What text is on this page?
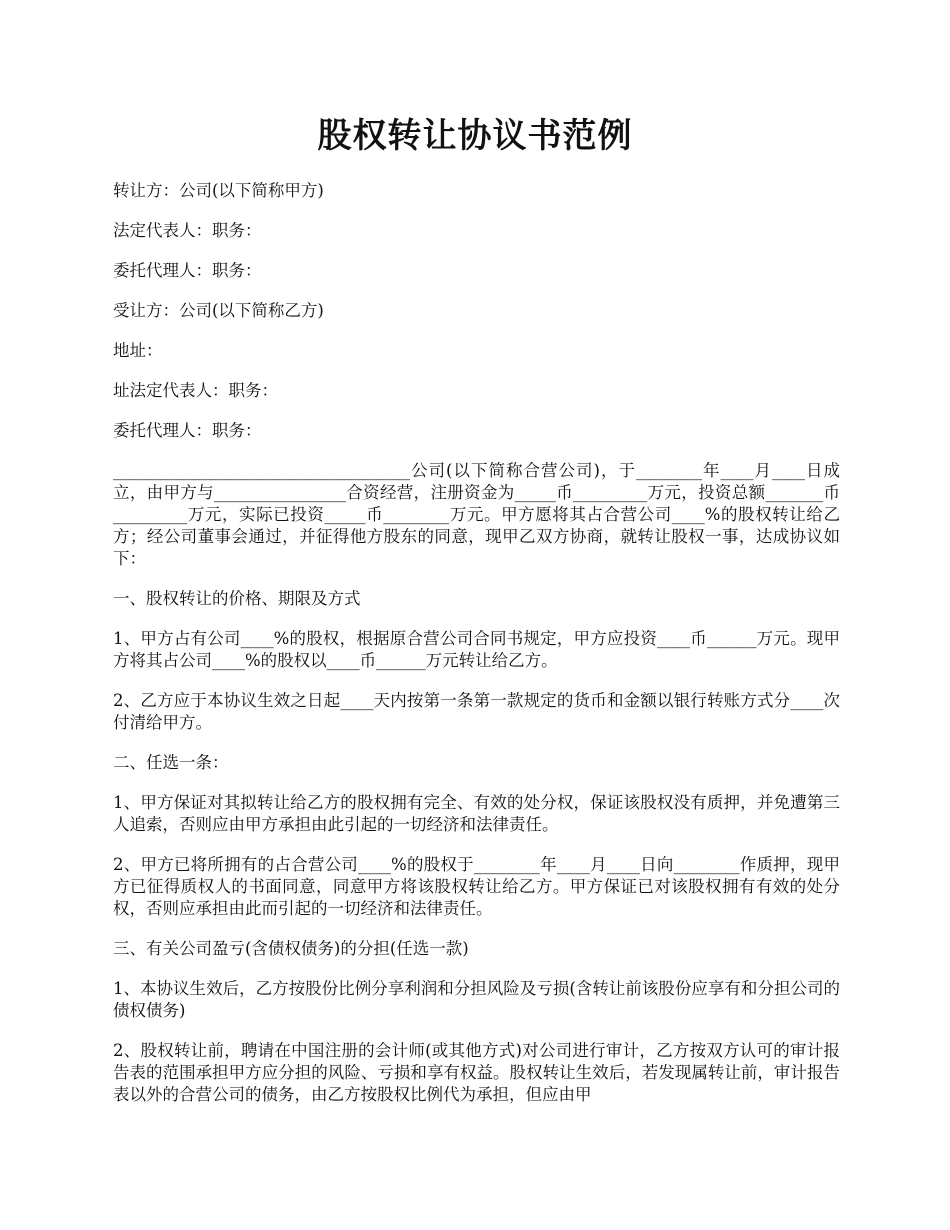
股权转让协议书范例

转让方：公司(以下简称甲方)

法定代表人：职务：

委托代理人：职务：

受让方：公司(以下简称乙方)

地址：

址法定代表人：职务：

委托代理人：职务：

____________________________________公司(以下简称合营公司)，于________年____月____日成立，由甲方与________________合资经营，注册资金为_____币_________万元，投资总额_______币_________万元，实际已投资_____币________万元。甲方愿将其占合营公司____%的股权转让给乙方；经公司董事会通过，并征得他方股东的同意，现甲乙双方协商，就转让股权一事，达成协议如下：

一、股权转让的价格、期限及方式

1、甲方占有公司____%的股权，根据原合营公司合同书规定，甲方应投资____币______万元。现甲方将其占公司____%的股权以____币______万元转让给乙方。

2、乙方应于本协议生效之日起____天内按第一条第一款规定的货币和金额以银行转账方式分____次付清给甲方。

二、任选一条：

1、甲方保证对其拟转让给乙方的股权拥有完全、有效的处分权，保证该股权没有质押，并免遭第三人追索，否则应由甲方承担由此引起的一切经济和法律责任。

2、甲方已将所拥有的占合营公司____%的股权于________年____月____日向________作质押，现甲方已征得质权人的书面同意，同意甲方将该股权转让给乙方。甲方保证已对该股权拥有有效的处分权，否则应承担由此而引起的一切经济和法律责任。

三、有关公司盈亏(含债权债务)的分担(任选一款)

1、本协议生效后，乙方按股份比例分享利润和分担风险及亏损(含转让前该股份应享有和分担公司的债权债务)

2、股权转让前，聘请在中国注册的会计师(或其他方式)对公司进行审计，乙方按双方认可的审计报告表的范围承担甲方应分担的风险、亏损和享有权益。股权转让生效后，若发现属转让前，审计报告表以外的合营公司的债务，由乙方按股权比例代为承担，但应由甲
